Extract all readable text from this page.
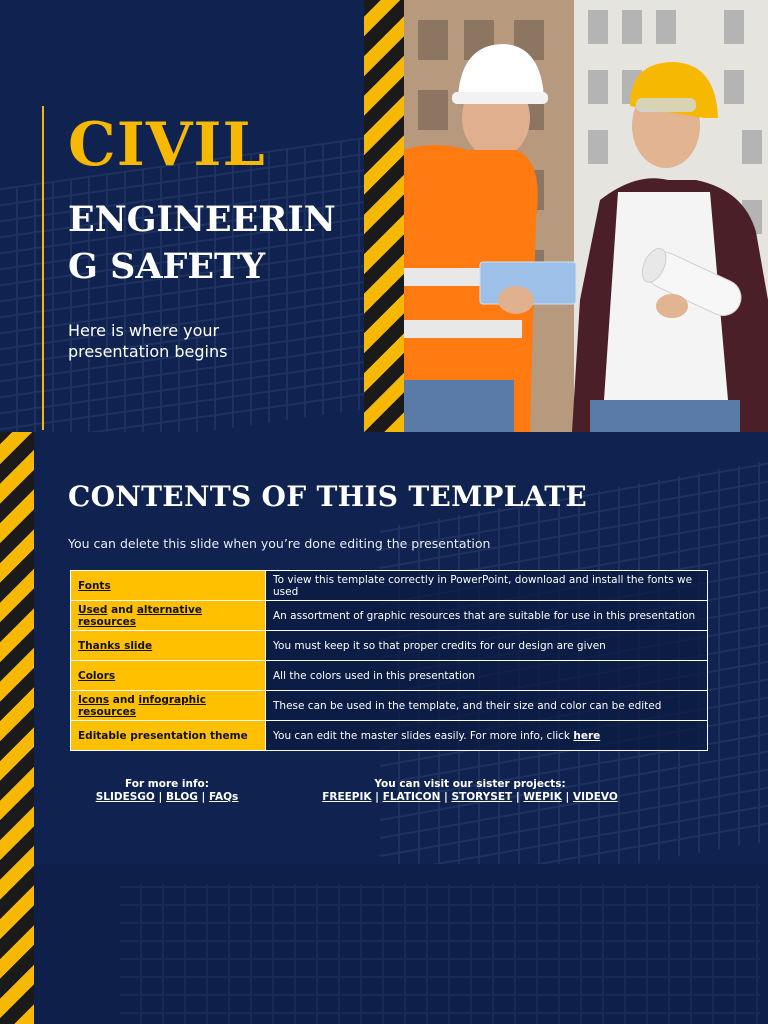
CIVIL
ENGINEERING SAFETY

Here is where your presentation begins

CONTENTS OF THIS TEMPLATE

You can delete this slide when you’re done editing the presentation

Fonts	To view this template correctly in PowerPoint, download and install the fonts we used
Used and alternative resources	An assortment of graphic resources that are suitable for use in this presentation
Thanks slide	You must keep it so that proper credits for our design are given
Colors	All the colors used in this presentation
Icons and infographic resources	These can be used in the template, and their size and color can be edited
Editable presentation theme	You can edit the master slides easily. For more info, click here
For more info:
SLIDESGO | BLOG | FAQs
You can visit our sister projects:
FREEPIK | FLATICON | STORYSET | WEPIK | VIDEVO
